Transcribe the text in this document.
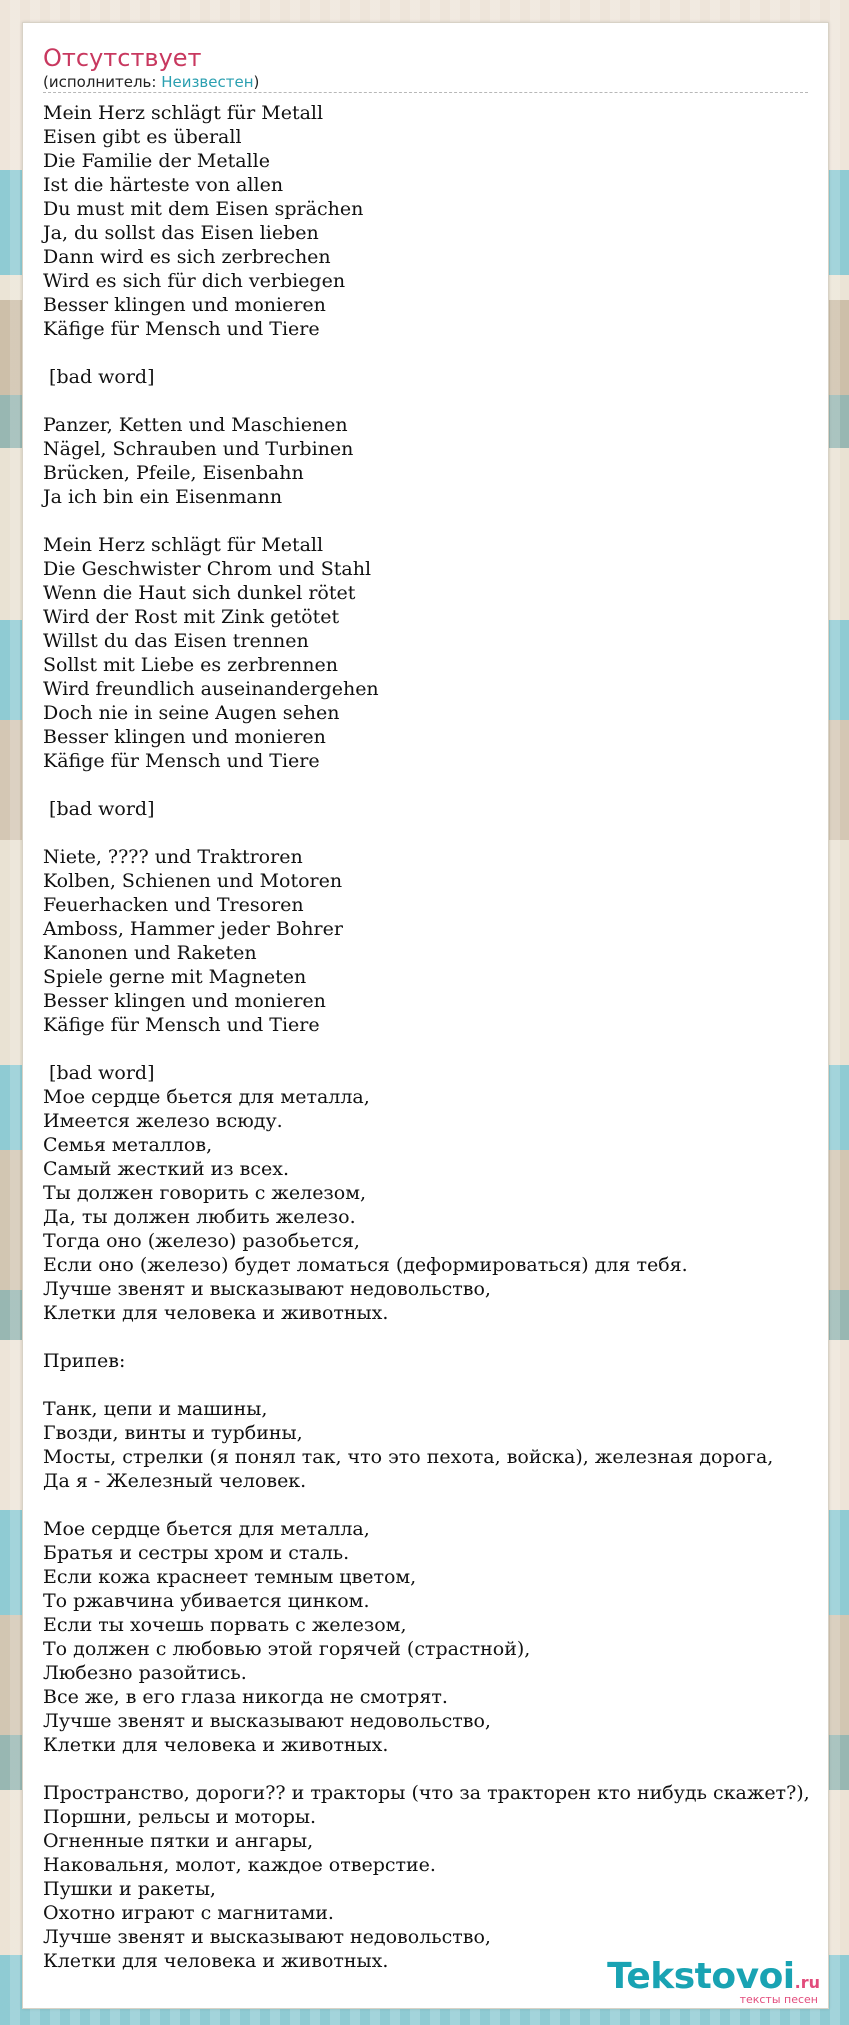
Отсутствует
(исполнитель: Неизвестен)
Mein Herz schlägt für Metall
Eisen gibt es überall
Die Familie der Metalle
Ist die härteste von allen
Du must mit dem Eisen sprächen
Ja, du sollst das Eisen lieben
Dann wird es sich zerbrechen
Wird es sich für dich verbiegen
Besser klingen und monieren
Käfige für Mensch und Tiere
[bad word]
Panzer, Ketten und Maschienen
Nägel, Schrauben und Turbinen
Brücken, Pfeile, Eisenbahn
Ja ich bin ein Eisenmann
Mein Herz schlägt für Metall
Die Geschwister Chrom und Stahl
Wenn die Haut sich dunkel rötet
Wird der Rost mit Zink getötet
Willst du das Eisen trennen
Sollst mit Liebe es zerbrennen
Wird freundlich auseinandergehen
Doch nie in seine Augen sehen
Besser klingen und monieren
Käfige für Mensch und Tiere
[bad word]
Niete, ???? und Traktroren
Kolben, Schienen und Motoren
Feuerhacken und Tresoren
Amboss, Hammer jeder Bohrer
Kanonen und Raketen
Spiele gerne mit Magneten
Besser klingen und monieren
Käfige für Mensch und Tiere
[bad word]
Мое сердце бьется для металла,
Имеется железо всюду.
Семья металлов,
Самый жесткий из всех.
Ты должен говорить с железом,
Да, ты должен любить железо.
Тогда оно (железо) разобьется,
Если оно (железо) будет ломаться (деформироваться) для тебя.
Лучше звенят и высказывают недовольство,
Клетки для человека и животных.
Припев:
Танк, цепи и машины,
Гвозди, винты и турбины,
Мосты, стрелки (я понял так, что это пехота, войска), железная дорога,
Да я - Железный человек.
Мое сердце бьется для металла,
Братья и сестры хром и сталь.
Если кожа краснеет темным цветом,
То ржавчина убивается цинком.
Если ты хочешь порвать с железом,
То должен с любовью этой горячей (страстной),
Любезно разойтись.
Все же, в его глаза никогда не смотрят.
Лучше звенят и высказывают недовольство,
Клетки для человека и животных.
Пространство, дороги?? и тракторы (что за тракторен кто нибудь скажет?),
Поршни, рельсы и моторы.
Огненные пятки и ангары,
Наковальня, молот, каждое отверстие.
Пушки и ракеты,
Охотно играют с магнитами.
Лучше звенят и высказывают недовольство,
Клетки для человека и животных.	Tekstovoi.ru
тексты песен
